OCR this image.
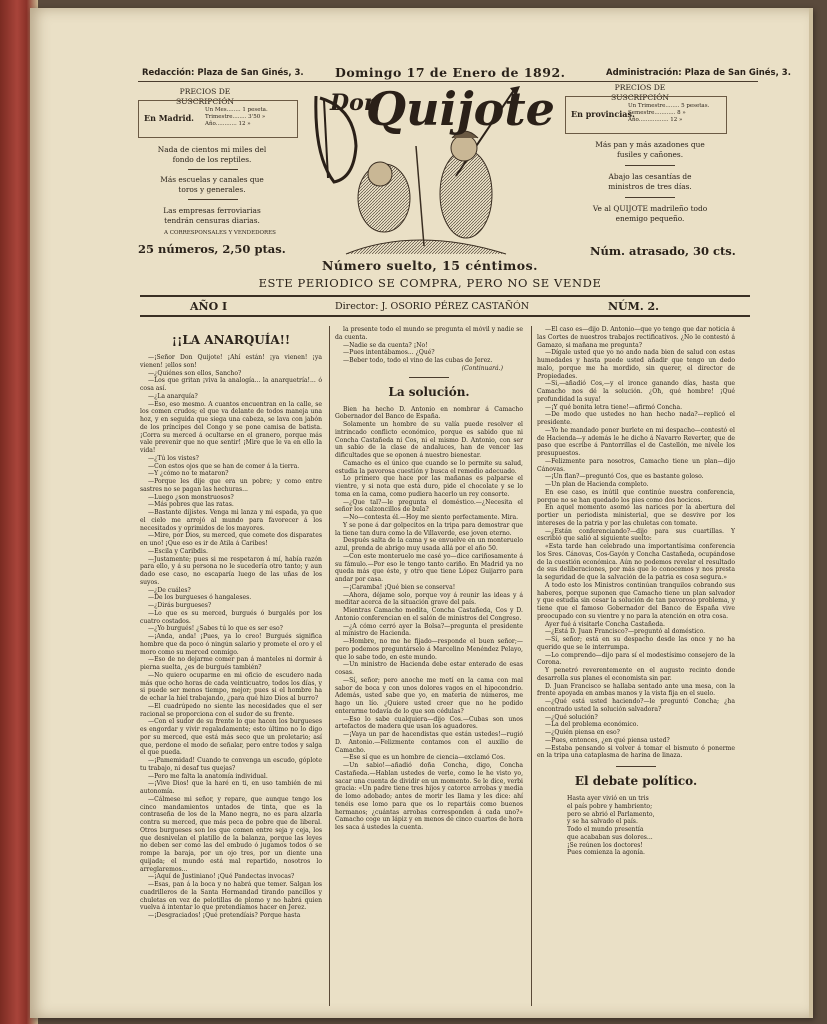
Redacción: Plaza de San Ginés, 3.	Domingo 17 de Enero de 1892.	Administración: Plaza de San Ginés, 3.
PRECIOS DE SUSCRIPCIÓN
En Madrid.
Un Mes........ 1 peseta.
Trimestre........ 3'50 »
Año............ 12 »
Nada de cientos mi miles del fondo de los reptiles.
Más escuelas y canales que toros y generales.
Las empresas ferroviarias tendrán censuras diarias.
A CORRESPONSALES Y VENDEDORES
25 números, 2,50 ptas.
Don
Quijote	PRECIOS DE SUSCRIPCIÓN
En provincias.
Un Trimestre........ 5 pesetas.
Semestre............ 8 »
Año................. 12 »
Más pan y más azadones que fusiles y cañones.
Abajo las cesantías de ministros de tres días.
Ve al QUIJOTE madrileño todo enemigo pequeño.
Núm. atrasado, 30 cts.
Número suelto, 15 céntimos.
ESTE PERIODICO SE COMPRA, PERO NO SE VENDE
AÑO I	Director: J. OSORIO PÉREZ CASTAÑÓN	NÚM. 2.
¡¡LA ANARQUÍA!!

—¡Señor Don Quijote! ¡Ahí están! ¡ya vienen! ¡ya vienen! ¡ellos son!

—¿Quiénes son ellos, Sancho?

—Los que gritan ¡viva la analogía... la anarquetría!... ó cosa así.

—¿La anarquía?

—Eso, eso mesmo. A cuantos encuentran en la calle, se los comen crudos; el que va delante de todos maneja una hoz, y en seguida que siega una cabeza, se lava con jabón de los príncipes del Congo y se pone camisa de batista. ¡Corra su merced á ocultarse en el granero, porque más vale prevenir que no que sentir! ¡Mire que le va en ello la vida!

—¿Tú los vistes?

—Con estos ojos que se han de comer á la tierra.

—Y ¿cómo no te mataron?

—Porque les dije que era un pobre; y como entre sastres no se pagan las hechuras...

—Luego ¿son monstruosos?

—Más pobres que las ratas.

—Bastante díjistes. Venga mi lanza y mi espada, ya que el cielo me arrojó al mundo para favorecer á los necesitados y oprimidos de los mayores.

—Mire, por Dios, su merced, que comete dos disparates en uno! ¡Que eso es ir de Atila á Caribes!

—Escila y Caribdis.

—Justamente; pues si me respetaron á mí, había razón para ello, y á su persona no le sucedería otro tanto; y aun dado ese caso, no escaparía luego de las uñas de los suyos.

—¿De cuáles?

—De los burgueses ó hangaleses.

—¿Dirás burgueses?

—Lo que es su merced, burgués ó burgalés por los cuatro costados.

—¿Yo burgués! ¿Sabes tú lo que es ser eso?

—¡Anda, anda! ¡Pues, ya lo creo! Burgués significa hombre que da poco ó ningún salario y promete el oro y el moro como su merced conmigo.

—Eso de no dejarme comer pan á manteles ni dormir á pierna suelta, ¿es de burgués también?

—No quiero ocuparme en mi oficio de escudero nada más que ocho horas de cada veinticuatro, todos los días, y si puede ser menos tiempo, mejor; pues si el hombre ha de echar la hiel trabajando, ¿para qué hizo Dios al burro?

—El cuadrúpedo no siente las necesidades que el ser racional se proporciona con el sudor de su frente.

—Con el sudor de su frente lo que hacen los burgueses es engordar y vivir regaladamente; esto último no lo digo por su merced, que está más seco que un proletario; así que, perdone el modo de señalar, pero entre todos y salga el que pueda.

—¡Pamemidad! Cuando te convenga un escudo, góplote tu trabajo, ni desaf tus quejas?

—Pero me falta la anatomía individual.

—¡Vive Dios! que la haré en ti, en uso también de mi autonomía.

—Cálmese mi señor, y repare, que aunque tengo los cinco mandamientos untados de tinta, que es la contraseña de los de la Mano negra, no es para alzarla contra su merced, que más peca de pobre que de liberal. Otros burgueses son los que comen entre seja y ceja, los que desnivelan el platillo de la balanza, porque las leyes no deben ser como las del embudo ó jugamos todos ó se rompe la baraja, por un ojo tres, por un diente una quijada; el mundo está mal repartido, nosotros lo arreglaremos...

—¡Aquí de Justiniano! ¡Qué Pandectas invocas?

—Esas, pan á la boca y no habrá que temer. Salgan los cuadrilleros de la Santa Hermandad tirando pancillos y chuletas en vez de pelotillas de plomo y no habrá quien vuelva á intentar lo que pretendíamos hacer en Jerez.

—¡Desgraciados! ¡Qué pretendíais? Porque hasta

la presente todo el mundo se pregunta el móvil y nadie se da cuenta.

—Nadie se da cuenta? ¡No!

—Pues intentábamos... ¿Qué?

—Beber todo, todo el vino de las cubas de Jerez.

(Continuará.)
La solución.

Bien ha hecho D. Antonio en nombrar á Camacho Gobernador del Banco de España.

Solamente un hombre de su valía puede resolver el intrincado conflicto económico, porque es sabido que ni Concha Castañeda ni Cos, ni el mismo D. Antonio, con ser un sabio de la clase de andaluces, han de vencer las dificultades que se oponen á nuestro bienestar.

Camacho es el único que cuando se lo permite su salud, estudia la pavorosa cuestión y busca el remedio adecuado.

Lo primero que hace por las mañanas es palparse el vientre, y si nota que está duro, pide el chocolate y se lo toma en la cama, como pudiera hacerlo un rey consorte.

—¿Que tal?—le pregunta el doméstico.—¿Necesita el señor los calzoncillos de bula?

—No—contesta él.—Hoy me siento perfectamente. Mira.

Y se pone á dar golpecitos en la tripa para demostrar que la tiene tan dura como la de Villaverde, ese joven eterno.

Después salta de la cama y se envuelve en un monteruelo azul, prenda de abrigo muy usada allá por el año 50.

—Con este monteruelo me casé yo—dice cariñosamente á su fámulo.—Por eso le tengo tanto cariño. En Madrid ya no queda más que éste, y otro que tiene López Guijarro para andar por casa.

—¡Caramba! ¡Qué bien se conserva!

—Ahora, déjame solo, porque voy á reunir las ideas y á meditar acerca de la situación grave del país.

Mientras Camacho medita, Concha Castañeda, Cos y D. Antonio conferencian en el salón de ministros del Congreso.

—¿A cómo cerró ayer la Bolsa?—pregunta el presidente al ministro de Hacienda.

—Hombre, no me he fijado—responde el buen señor;—pero podemos preguntárselo á Marcelino Menéndez Pelayo, que lo sabe todo, en este mundo.

—Un ministro de Hacienda debe estar enterado de esas cosas.

—Sí, señor; pero anoche me metí en la cama con mal sabor de boca y con unos dolores vagos en el hipocondrio. Además, usted sabe que yo, en materia de números, me hago un lío. ¿Quiere usted creer que no he podido enterarme todavía de lo que son cédulas?

—Eso lo sabe cualquiera—dijo Cos.—Cubas son unos artefactos de madera que usan los aguadores.

—¡Vaya un par de hacendistas que están ustedes!—rugió D. Antonio.—Felizmente contamos con el auxilio de Camacho.

—Ese sí que es un hombre de ciencia—exclamó Cos.

—Un sabio!—añadió doña Concha, digo, Concha Castañeda.—Hablan ustedes de verle, como le he visto yo, sacar una cuenta de dividir en un momento. Se le dice, verbi gracia: «Un padre tiene tres hijos y catorce arrobas y media de lomo adobado; antes de morir les llama y les dice: ahí tenéis ese lomo para que os lo repartáis como buenos hermanos; ¿cuántas arrobas corresponden á cada uno?» Camacho coge un lápiz y en menos de cinco cuartos de hora les saca á ustedes la cuenta.

—El caso es—dijo D. Antonio—que yo tengo que dar noticia á las Cortes de nuestros trabajos rectificativos. ¿No le contestó á Gamazo, si mañana me pregunta?

—Dígale usted que yo no ando nada bien de salud con estas humedades y hasta puede usted añadir que tengo un dedo malo, porque me ha mordido, sin querer, el director de Propiedades.

—Si,—añadió Cos,—y el ironce ganando días, hasta que Camacho nos dé la solución. ¿Oh, qué hombre! ¡Qué profundidad la suya!

—¡Y qué bonita letra tiene!—afirmó Concha.

—De modo que ustedes no han hecho nada?—replicó el presidente.

—Yo he mandado poner burlete en mi despacho—contestó el de Hacienda—y además le he dicho á Navarro Reverter, que de paso que escribe á Pantorrillas el de Castellón, me nivele los presupuestos.

—Felizmente para nosotros, Camacho tiene un plan—dijo Cánovas.

—¡Un flan?—preguntó Cos, que es bastante goloso.

—Un plan de Hacienda completo.

En ese caso, es inútil que continúe nuestra conferencia, porque no se han quedado los pies como dos hocicos.

En aquel momento asomó las narices por la abertura del portier un periodista ministerial, que se desvive por los intereses de la patria y por las chuletas con tomate.

—¿Están conferenciando?—dijo para sus cuartillas. Y escribió que salió al siguiente suelto:

«Esta tarde han celebrado una importantísima conferencia los Sres. Cánovas, Cos-Gayón y Concha Castañeda, ocupándose de la cuestión económica. Aún no podemos revelar el resultado de sus deliberaciones, por más que lo conocemos y nos presta la seguridad de que la salvación de la patria es cosa segura.»

A todo esto los Ministros continúan tranquilos cobrando sus haberes, porque suponen que Camacho tiene un plan salvador y que estudia sin cesar la solución de tan pavoroso problema, y tiene que el famoso Gobernador del Banco de España vive preocupado con su vientre y no para la atención en otra cosa.

Ayer fué á visitarle Concha Castañeda.

—¿Está D. Juan Francisco?—preguntó al doméstico.

—Sí, señor; está en su despacho desde las once y no ha querido que se le interrumpa.

—Lo comprendo—dijo para sí el modestísimo consejero de la Corona.

Y penetró reverentemente en el augusto recinto donde desarrolla sus planes el economista sin par.

D. Juan Francisco se hallaba sentado ante una mesa, con la frente apoyada en ambas manos y la vista fija en el suelo.

—¿Qué está usted haciendo?—le preguntó Concha; ¿ha encontrado usted la solución salvadora?

—¿Qué solución?

—La del problema económico.

—¿Quién piensa en eso?

—Pues, entonces, ¿en qué piensa usted?

—Estaba pensando si volver á tomar el bismuto ó ponerme en la tripa una cataplasma de harina de linaza.

El debate político.

Hasta ayer vivió en un tris

el país pobre y hambriento;

pero se abrió el Parlamento,

y se ha salvado el país.

Todo el mundo presentía

que acababan sus dolores...

¡Se reúnen los doctores!

Pues comienza la agonía.
